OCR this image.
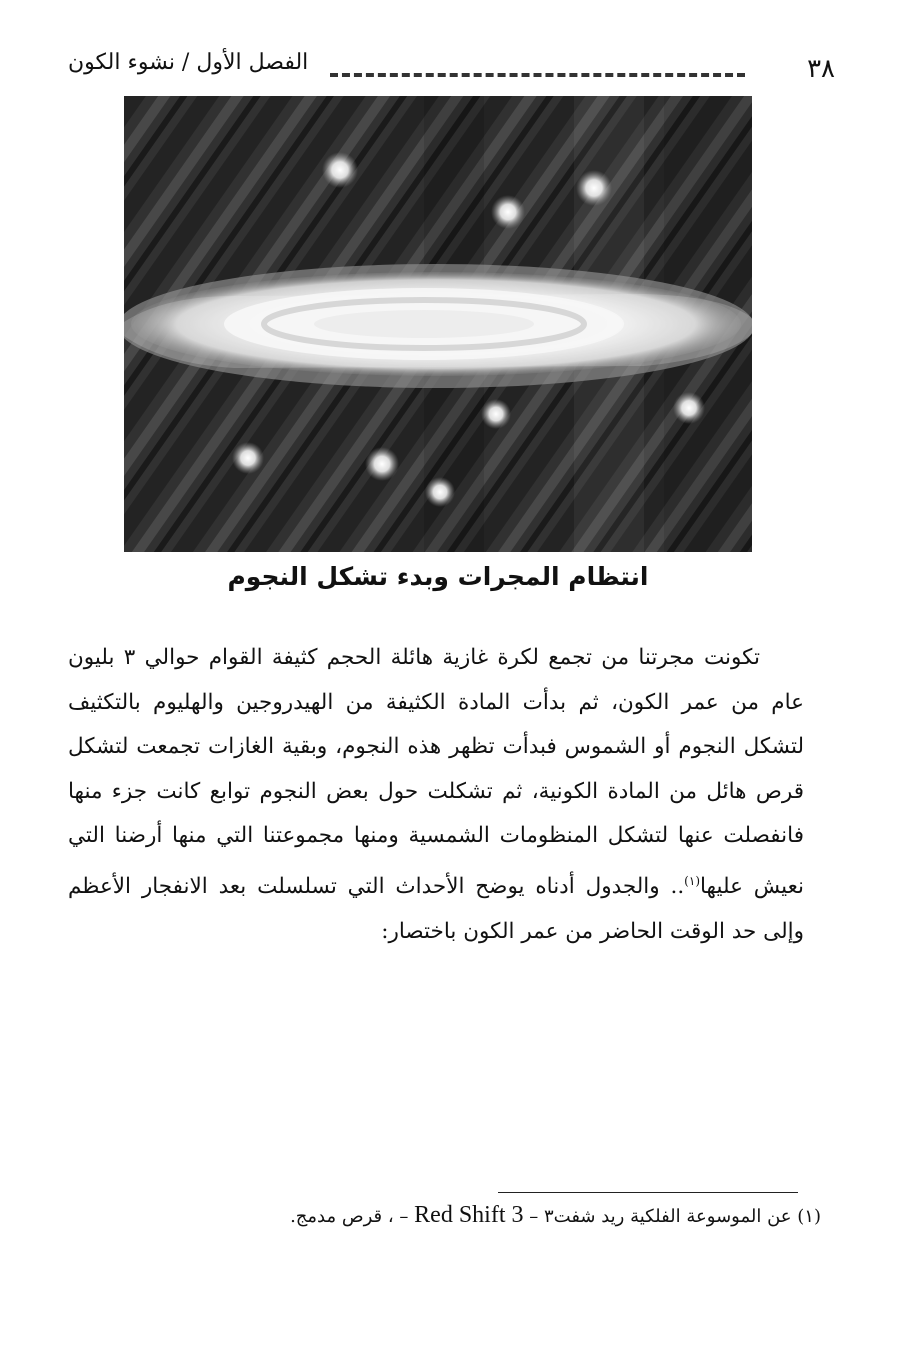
٣٨
الفصل الأول / نشوء الكون
انتظام المجرات وبدء تشكل النجوم

تكونت مجرتنا من تجمع لكرة غازية هائلة الحجم كثيفة القوام حوالي ٣ بليون عام من عمر الكون، ثم بدأت المادة الكثيفة من الهيدروجين والهليوم بالتكثيف لتشكل النجوم أو الشموس فبدأت تظهر هذه النجوم، وبقية الغازات تجمعت لتشكل قرص هائل من المادة الكونية، ثم تشكلت حول بعض النجوم توابع كانت جزء منها فانفصلت عنها لتشكل المنظومات الشمسية ومنها مجموعتنا التي منها أرضنا التي نعيش عليها$^{(١)}$.. والجدول أدناه يوضح الأحداث التي تسلسلت بعد الانفجار الأعظم وإلى حد الوقت الحاضر من عمر الكون باختصار:

(١) عن الموسوعة الفلكية ريد شفت٣ – Red Shift 3 – ، قرص مدمج.
